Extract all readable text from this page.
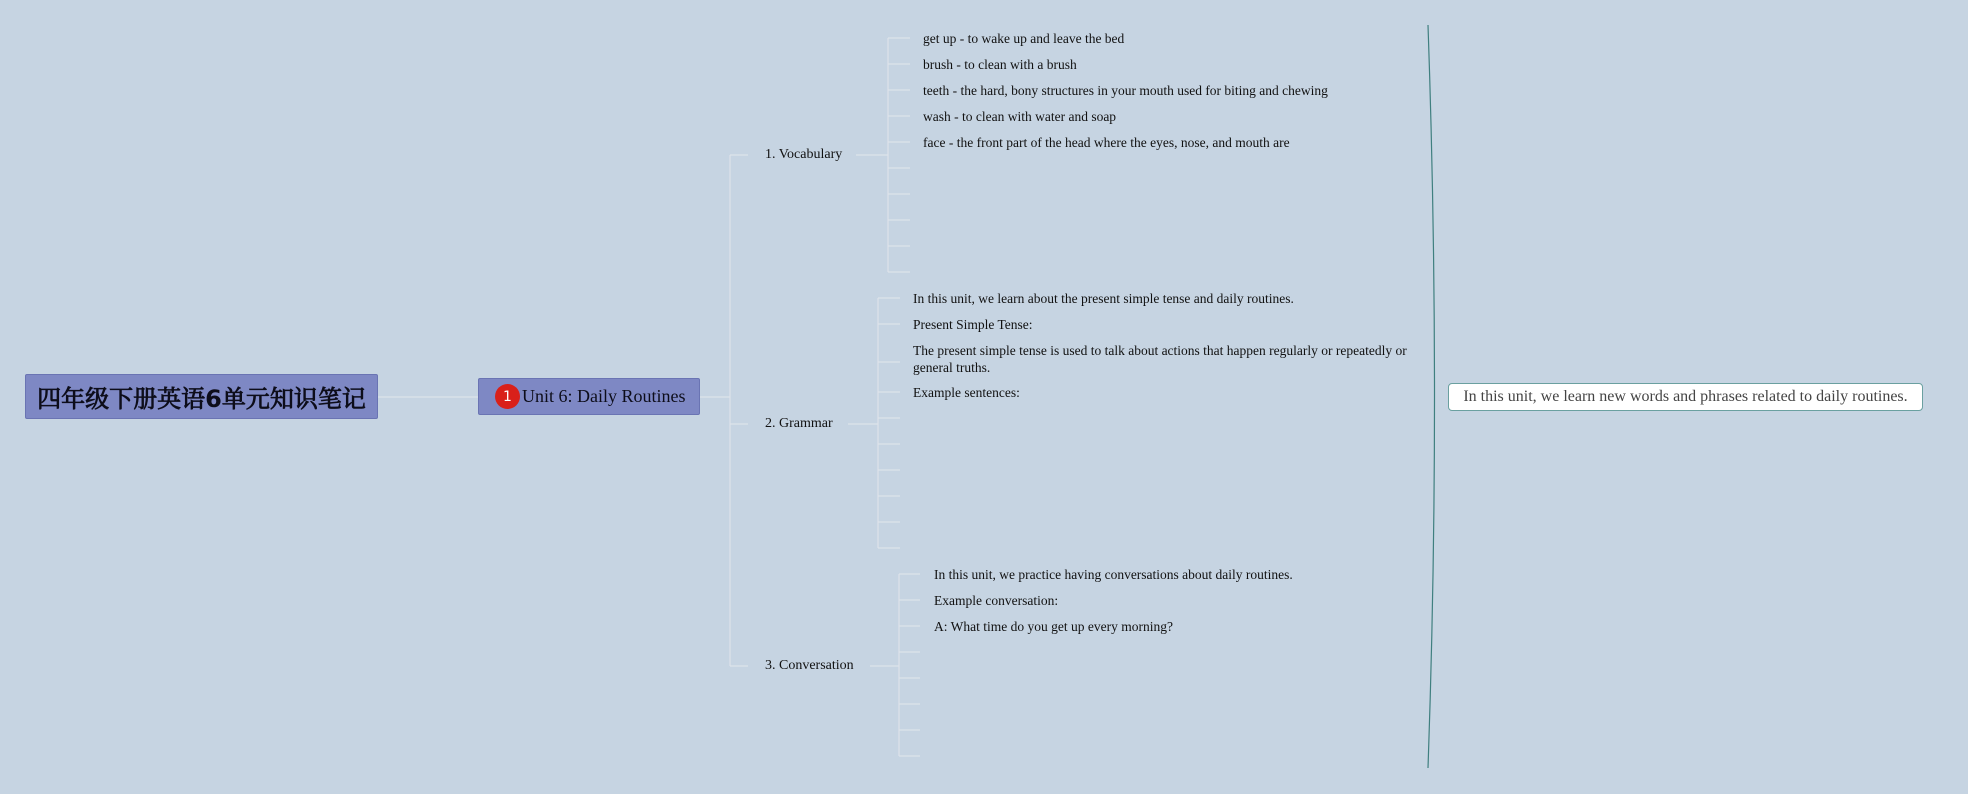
四年级下册英语6单元知识笔记	1 Unit 6: Daily Routines
1. Vocabulary
2. Grammar
3. Conversation
get up - to wake up and leave the bed
brush - to clean with a brush
teeth - the hard, bony structures in your mouth used for biting and chewing
wash - to clean with water and soap
face - the front part of the head where the eyes, nose, and mouth are
In this unit, we learn about the present simple tense and daily routines.
Present Simple Tense:
The present simple tense is used to talk about actions that happen regularly or repeatedly or general truths.
Example sentences:
In this unit, we practice having conversations about daily routines.
Example conversation:
A: What time do you get up every morning?
In this unit, we learn new words and phrases related to daily routines.
